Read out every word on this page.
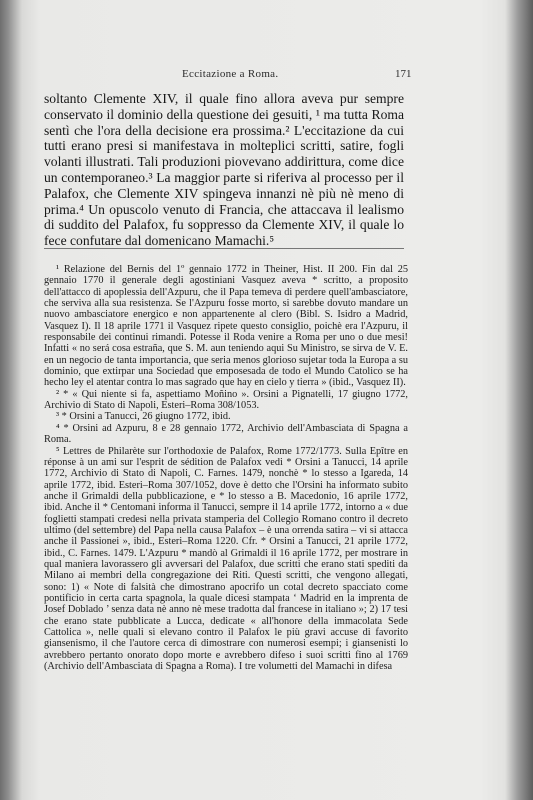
Eccitazione a Roma.	171

soltanto Clemente XIV, il quale fino allora aveva pur sempre conservato il dominio della questione dei gesuiti, ¹ ma tutta Roma sentì che l'ora della decisione era prossima.² L'eccitazione da cui tutti erano presi si manifestava in molteplici scritti, satire, fogli volanti illustrati. Tali produzioni piovevano addirittura, come dice un contemporaneo.³ La maggior parte si riferiva al processo per il Palafox, che Clemente XIV spingeva innanzi nè più nè meno di prima.⁴ Un opuscolo venuto di Francia, che attaccava il lealismo di suddito del Palafox, fu soppresso da Clemente XIV, il quale lo fece confutare dal domenicano Mamachi.⁵

¹ Relazione del Bernis del 1º gennaio 1772 in Theiner, Hist. II 200. Fin dal 25 gennaio 1770 il generale degli agostiniani Vasquez aveva * scritto, a proposito dell'attacco di apoplessia dell'Azpuru, che il Papa temeva di perdere quell'ambasciatore, che serviva alla sua resistenza. Se l'Azpuru fosse morto, si sarebbe dovuto mandare un nuovo ambasciatore energico e non appartenente al clero (Bibl. S. Isidro a Madrid, Vasquez I). Il 18 aprile 1771 il Vasquez ripete questo consiglio, poichè era l'Azpuru, il responsabile dei continui rimandi. Potesse il Roda venire a Roma per uno o due mesi! Infatti « no será cosa estraña, que S. M. aun teniendo aqui Su Ministro, se sirva de V. E. en un negocio de tanta importancia, que seria menos glorioso sujetar toda la Europa a su dominio, que extirpar una Sociedad que emposesada de todo el Mundo Catolico se ha hecho ley el atentar contra lo mas sagrado que hay en cielo y tierra » (ibid., Vasquez II).

² * « Qui niente si fa, aspettiamo Moñino ». Orsini a Pignatelli, 17 giugno 1772, Archivio di Stato di Napoli, Esteri–Roma 308/1053.

³ * Orsini a Tanucci, 26 giugno 1772, ibid.

⁴ * Orsini ad Azpuru, 8 e 28 gennaio 1772, Archivio dell'Ambasciata di Spagna a Roma.

⁵ Lettres de Philarète sur l'orthodoxie de Palafox, Rome 1772/1773. Sulla Epître en réponse à un ami sur l'esprit de sédition de Palafox vedi * Orsini a Tanucci, 14 aprile 1772, Archivio di Stato di Napoli, C. Farnes. 1479, nonchè * lo stesso a Igareda, 14 aprile 1772, ibid. Esteri–Roma 307/1052, dove è detto che l'Orsini ha informato subito anche il Grimaldi della pubblicazione, e * lo stesso a B. Macedonio, 16 aprile 1772, ibid. Anche il * Centomani informa il Tanucci, sempre il 14 aprile 1772, intorno a « due foglietti stampati credesi nella privata stamperia del Collegio Romano contro il decreto ultimo (del settembre) del Papa nella causa Palafox – è una orrenda satira – vi si attacca anche il Passionei », ibid., Esteri–Roma 1220. Cfr. * Orsini a Tanucci, 21 aprile 1772, ibid., C. Farnes. 1479. L'Azpuru * mandò al Grimaldi il 16 aprile 1772, per mostrare in qual maniera lavorassero gli avversari del Palafox, due scritti che erano stati spediti da Milano ai membri della congregazione dei Riti. Questi scritti, che vengono allegati, sono: 1) « Note di falsità che dimostrano apocrifo un cotal decreto spacciato come pontificio in certa carta spagnola, la quale dicesi stampata ‘ Madrid en la imprenta de Josef Doblado ’ senza data nè anno nè mese tradotta dal francese in italiano »; 2) 17 tesi che erano state pubblicate a Lucca, dedicate « all'honore della immacolata Sede Cattolica », nelle quali si elevano contro il Palafox le più gravi accuse di favorito giansenismo, il che l'autore cerca di dimostrare con numerosi esempi; i giansenisti lo avrebbero pertanto onorato dopo morte e avrebbero difeso i suoi scritti fino al 1769 (Archivio dell'Ambasciata di Spagna a Roma). I tre volumetti del Mamachi in difesa
